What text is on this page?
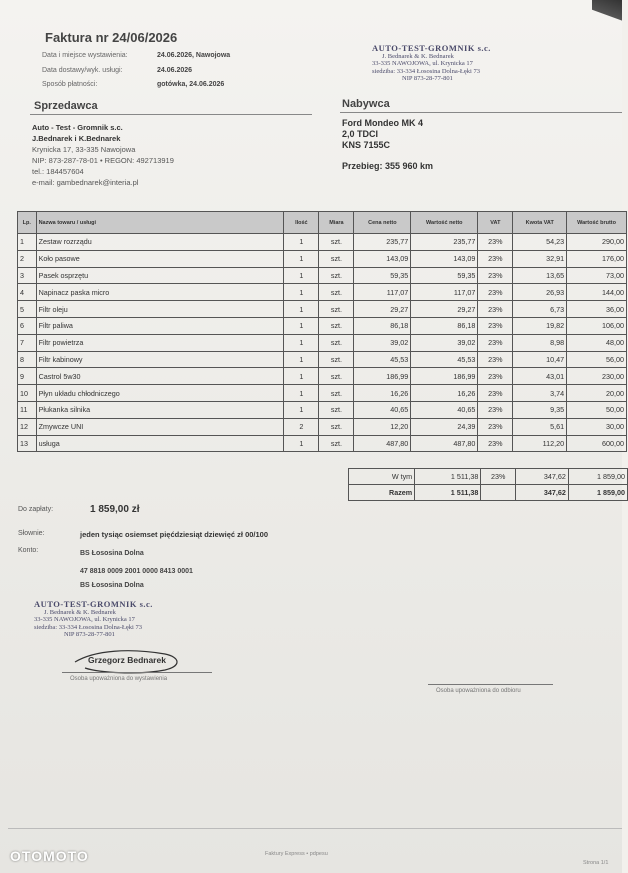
Faktura nr 24/06/2026
Data i miejsce wystawienia:	24.06.2026, Nawojowa
Data dostawy/wyk. usługi:	24.06.2026
Sposób płatności:	gotówka, 24.06.2026
AUTO-TEST-GROMNIK s.c.
J. Bednarek & K. Bednarek
33-335 NAWOJOWA, ul. Krynicka 17
siedziba: 33-334 Łososina Dolna-Łęki 73
NIP 873-28-77-801
Sprzedawca	Nabywca
Auto - Test - Gromnik s.c.
J.Bednarek i K.Bednarek
Krynicka 17, 33-335 Nawojowa
NIP: 873-287-78-01 • REGON: 492713919
tel.: 184457604
e-mail: gambednarek@interia.pl
Ford Mondeo MK 4
2,0 TDCI
KNS 7155C
Przebieg: 355 960 km
Lp.	Nazwa towaru / usługi	Ilość	Miara	Cena netto	Wartość netto	VAT	Kwota VAT	Wartość brutto
1	Zestaw rozrządu	1	szt.	235,77	235,77	23%	54,23	290,00
2	Koło pasowe	1	szt.	143,09	143,09	23%	32,91	176,00
3	Pasek osprzętu	1	szt.	59,35	59,35	23%	13,65	73,00
4	Napinacz paska micro	1	szt.	117,07	117,07	23%	26,93	144,00
5	Filtr oleju	1	szt.	29,27	29,27	23%	6,73	36,00
6	Filtr paliwa	1	szt.	86,18	86,18	23%	19,82	106,00
7	Filtr powietrza	1	szt.	39,02	39,02	23%	8,98	48,00
8	Filtr kabinowy	1	szt.	45,53	45,53	23%	10,47	56,00
9	Castrol 5w30	1	szt.	186,99	186,99	23%	43,01	230,00
10	Płyn układu chłodniczego	1	szt.	16,26	16,26	23%	3,74	20,00
11	Płukanka silnika	1	szt.	40,65	40,65	23%	9,35	50,00
12	Zmywcze UNI	2	szt.	12,20	24,39	23%	5,61	30,00
13	usługa	1	szt.	487,80	487,80	23%	112,20	600,00
W tym	1 511,38	23%	347,62	1 859,00
Razem	1 511,38		347,62	1 859,00
Do zapłaty:	1 859,00 zł
Słownie:	jeden tysiąc osiemset pięćdziesiąt dziewięć zł 00/100
Konto:	BS Łososina Dolna
47 8818 0009 2001 0000 8413 0001
BS Łososina Dolna
AUTO-TEST-GROMNIK s.c.
J. Bednarek & K. Bednarek
33-335 NAWOJOWA, ul. Krynicka 17
siedziba: 33-334 Łososina Dolna-Łęki 73
NIP 873-28-77-801
Grzegorz Bednarek
Osoba upoważniona do wystawienia
Osoba upoważniona do odbioru
Faktury Express • pdpesu
Strona 1/1
OTOMOTO
